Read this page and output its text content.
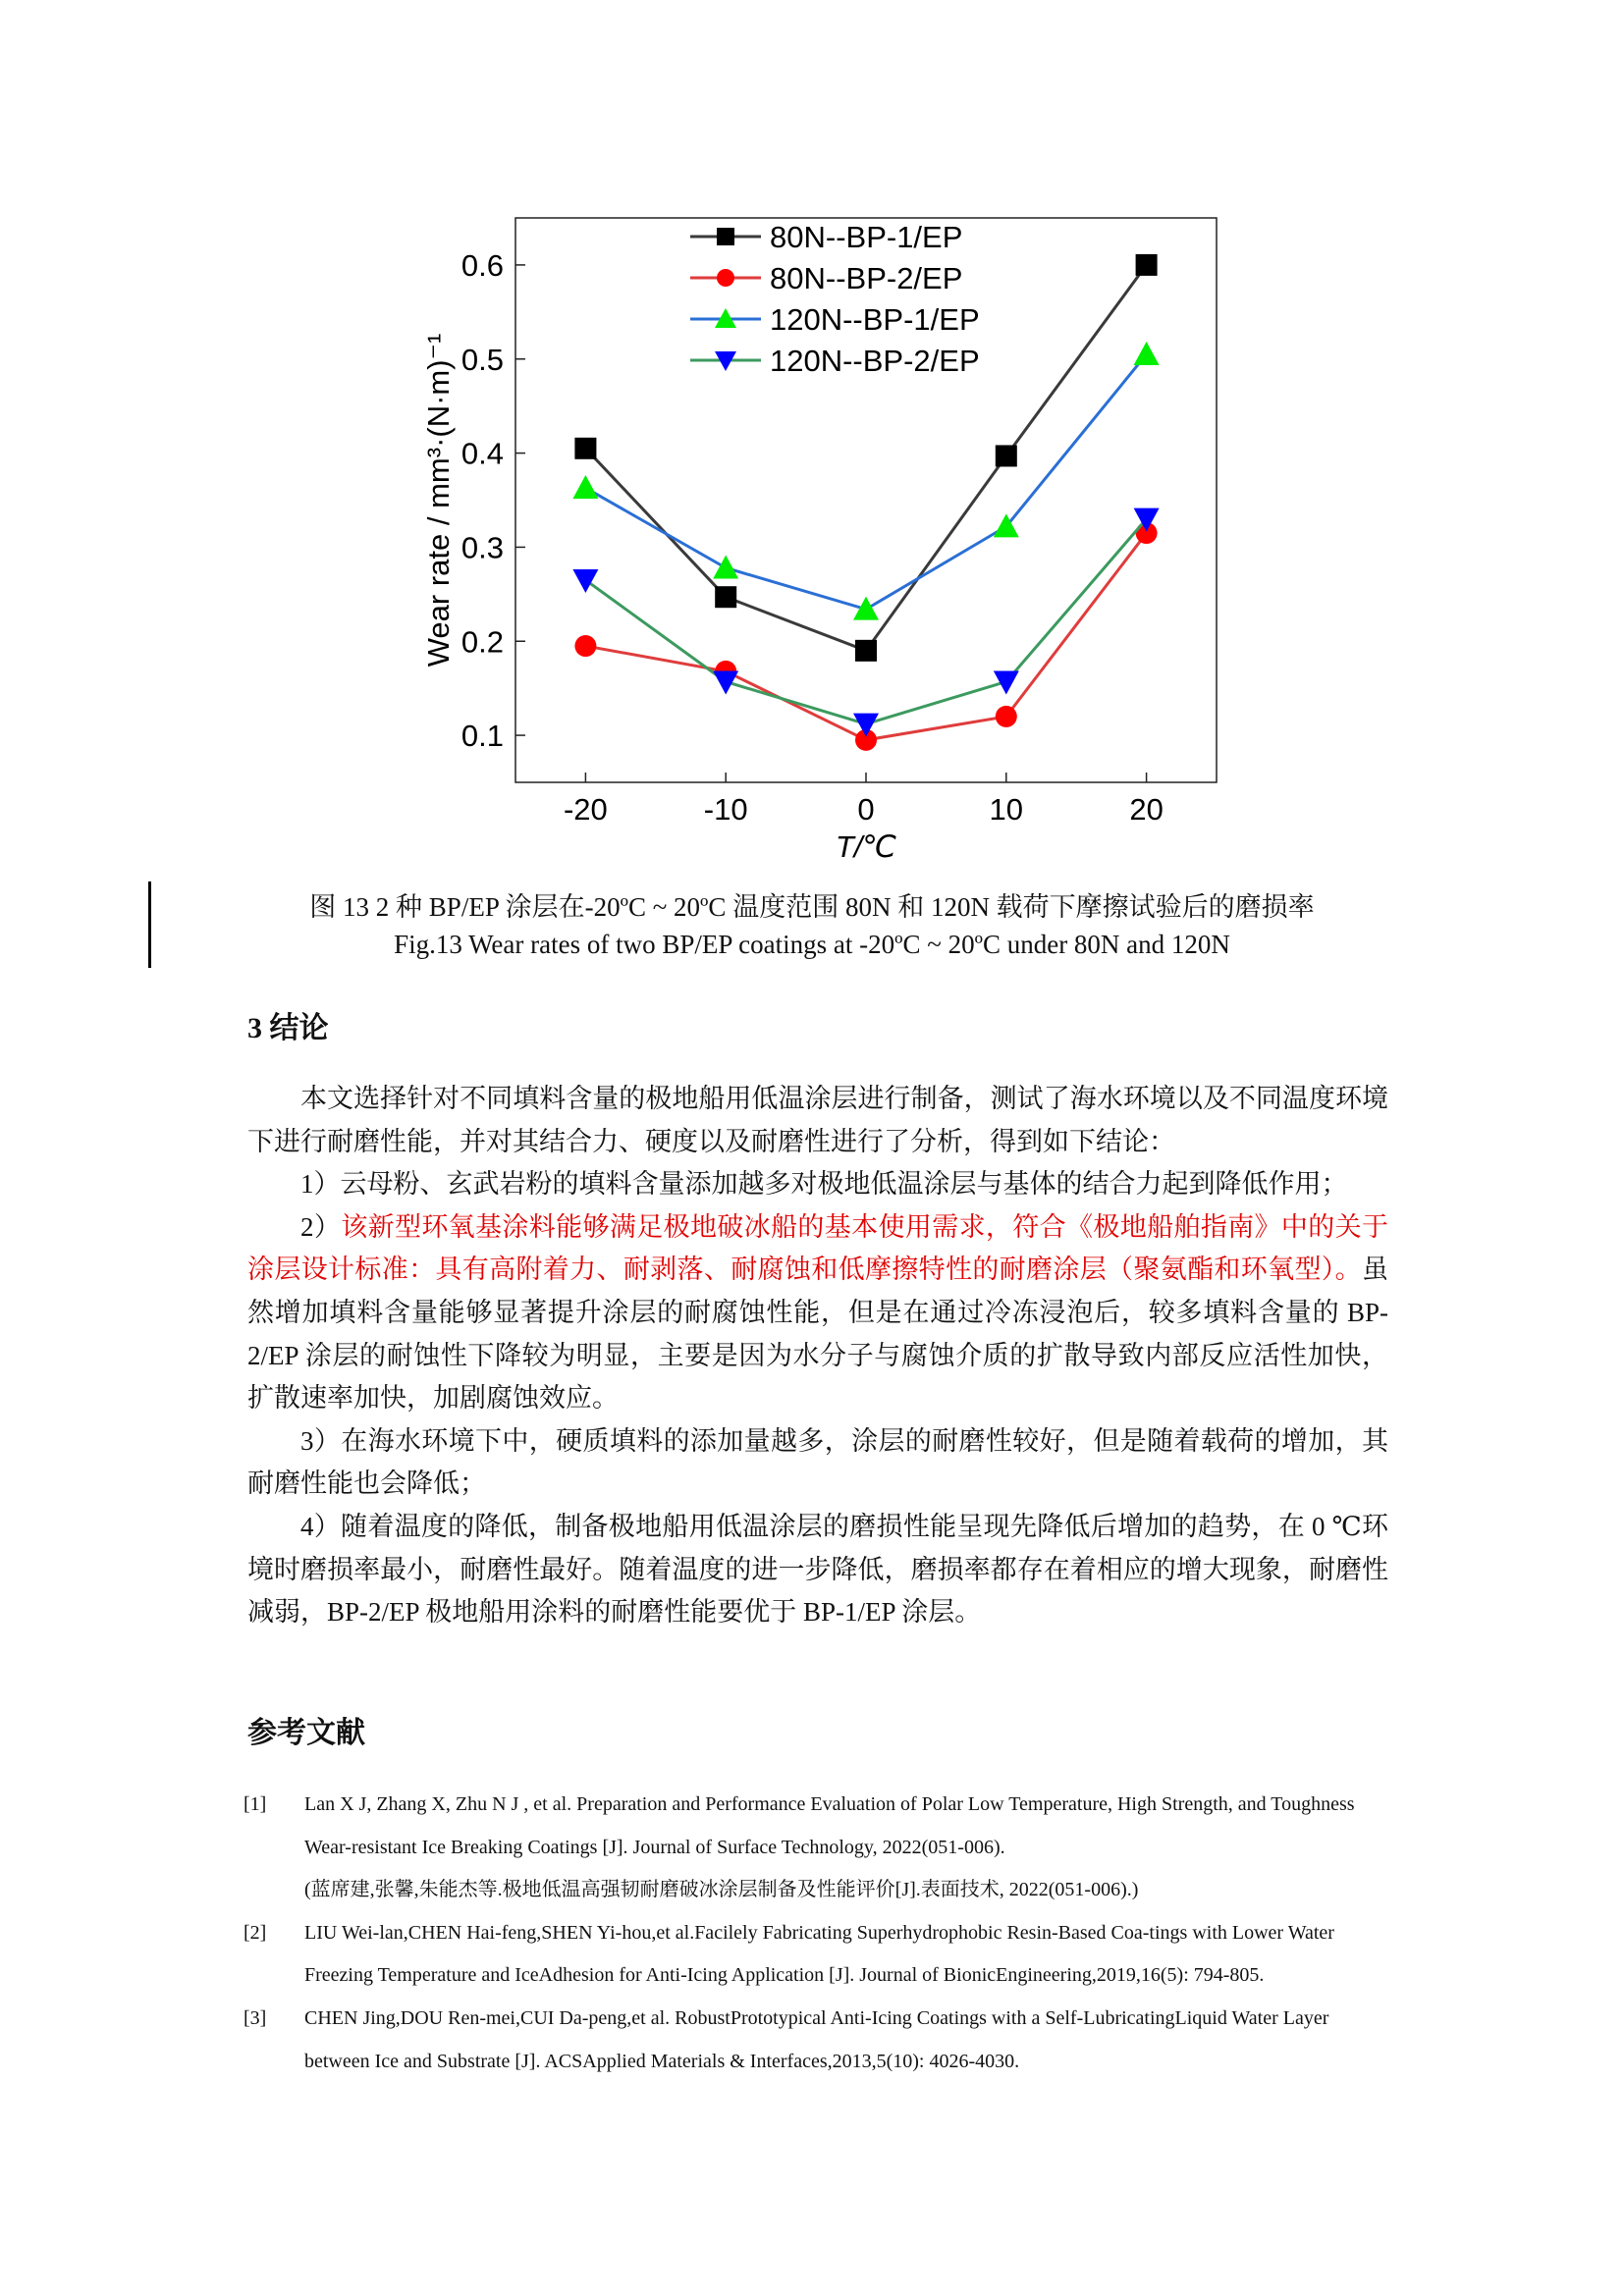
0.1
0.2
0.3
0.4
0.5
0.6
-20	-10	0	10	20
T/℃
Wear rate / mm³·(N·m)⁻¹
80N--BP-1/EP
80N--BP-2/EP
120N--BP-1/EP
120N--BP-2/EP
图 13 2 种 BP/EP 涂层在-20ºC ~ 20ºC 温度范围 80N 和 120N 载荷下摩擦试验后的磨损率
Fig.13 Wear rates of two BP/EP coatings at -20ºC ~ 20ºC under 80N and 120N
3 结论

本文选择针对不同填料含量的极地船用低温涂层进行制备，测试了海水环境以及不同温度环境下进行耐磨性能，并对其结合力、硬度以及耐磨性进行了分析，得到如下结论：

1）云母粉、玄武岩粉的填料含量添加越多对极地低温涂层与基体的结合力起到降低作用；

2）该新型环氧基涂料能够满足极地破冰船的基本使用需求，符合《极地船舶指南》中的关于涂层设计标准：具有高附着力、耐剥落、耐腐蚀和低摩擦特性的耐磨涂层（聚氨酯和环氧型）。虽然增加填料含量能够显著提升涂层的耐腐蚀性能，但是在通过冷冻浸泡后，较多填料含量的 BP-2/EP 涂层的耐蚀性下降较为明显，主要是因为水分子与腐蚀介质的扩散导致内部反应活性加快，扩散速率加快，加剧腐蚀效应。

3）在海水环境下中，硬质填料的添加量越多，涂层的耐磨性较好，但是随着载荷的增加，其耐磨性能也会降低；

4）随着温度的降低，制备极地船用低温涂层的磨损性能呈现先降低后增加的趋势，在 0 ℃环境时磨损率最小，耐磨性最好。随着温度的进一步降低，磨损率都存在着相应的增大现象，耐磨性减弱，BP-2/EP 极地船用涂料的耐磨性能要优于 BP-1/EP 涂层。

参考文献
[1]	Lan X J, Zhang X, Zhu N J , et al. Preparation and Performance Evaluation of Polar Low Temperature, High Strength, and Toughness
Wear-resistant Ice Breaking Coatings [J]. Journal of Surface Technology, 2022(051-006).
(蓝席建,张馨,朱能杰等.极地低温高强韧耐磨破冰涂层制备及性能评价[J].表面技术, 2022(051-006).)
[2]	LIU Wei-lan,CHEN Hai-feng,SHEN Yi-hou,et al.Facilely Fabricating Superhydrophobic Resin-Based Coa-tings with Lower Water
Freezing Temperature and IceAdhesion for Anti-Icing Application [J]. Journal of BionicEngineering,2019,16(5): 794-805.
[3]	CHEN Jing,DOU Ren-mei,CUI Da-peng,et al. RobustPrototypical Anti-Icing Coatings with a Self-LubricatingLiquid Water Layer
between Ice and Substrate [J]. ACSApplied Materials & Interfaces,2013,5(10): 4026-4030.
